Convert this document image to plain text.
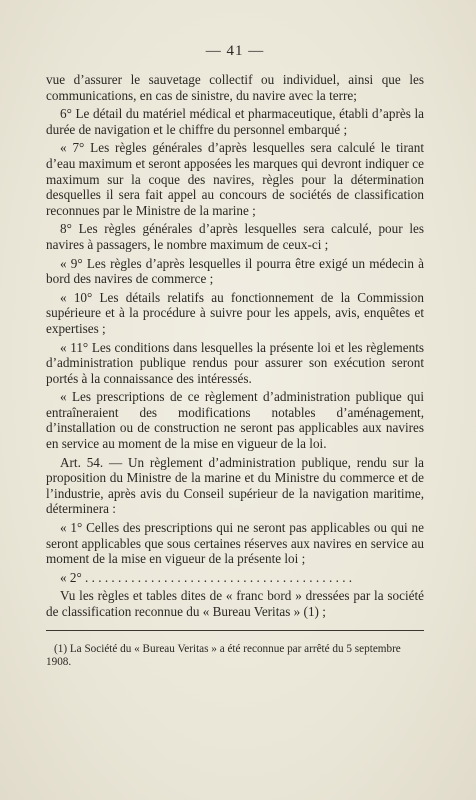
— 41 —

vue d’assurer le sauvetage collectif ou individuel, ainsi que les communications, en cas de sinistre, du navire avec la terre;

6° Le détail du matériel médical et pharmaceutique, établi d’après la durée de navigation et le chiffre du personnel embarqué ;

« 7° Les règles générales d’après lesquelles sera calculé le tirant d’eau maximum et seront apposées les marques qui devront indiquer ce maximum sur la coque des navires, règles pour la détermination desquelles il sera fait appel au concours de sociétés de classification reconnues par le Ministre de la marine ;

8° Les règles générales d’après lesquelles sera calculé, pour les navires à passagers, le nombre maximum de ceux-ci ;

« 9° Les règles d’après lesquelles il pourra être exigé un médecin à bord des navires de commerce ;

« 10° Les détails relatifs au fonctionnement de la Commission supérieure et à la procédure à suivre pour les appels, avis, enquêtes et expertises ;

« 11° Les conditions dans lesquelles la présente loi et les règlements d’administration publique rendus pour assurer son exécution seront portés à la connaissance des intéressés.

« Les prescriptions de ce règlement d’administration publique qui entraîneraient des modifications notables d’aménagement, d’installation ou de construction ne seront pas applicables aux navires en service au moment de la mise en vigueur de la loi.

Art. 54. — Un règlement d’administration publique, rendu sur la proposition du Ministre de la marine et du Ministre du commerce et de l’industrie, après avis du Conseil supérieur de la navigation maritime, déterminera :

« 1° Celles des prescriptions qui ne seront pas applicables ou qui ne seront applicables que sous certaines réserves aux navires en service au moment de la mise en vigueur de la présente loi ;

« 2° . . . . . . . . . . . . . . . . . . . . . . . . . . . . . . . . . . . . . . . . .

Vu les règles et tables dites de « franc bord » dressées par la société de classification reconnue du « Bureau Veritas » (1) ;

(1) La Société du « Bureau Veritas » a été reconnue par arrêté du 5 septembre 1908.
